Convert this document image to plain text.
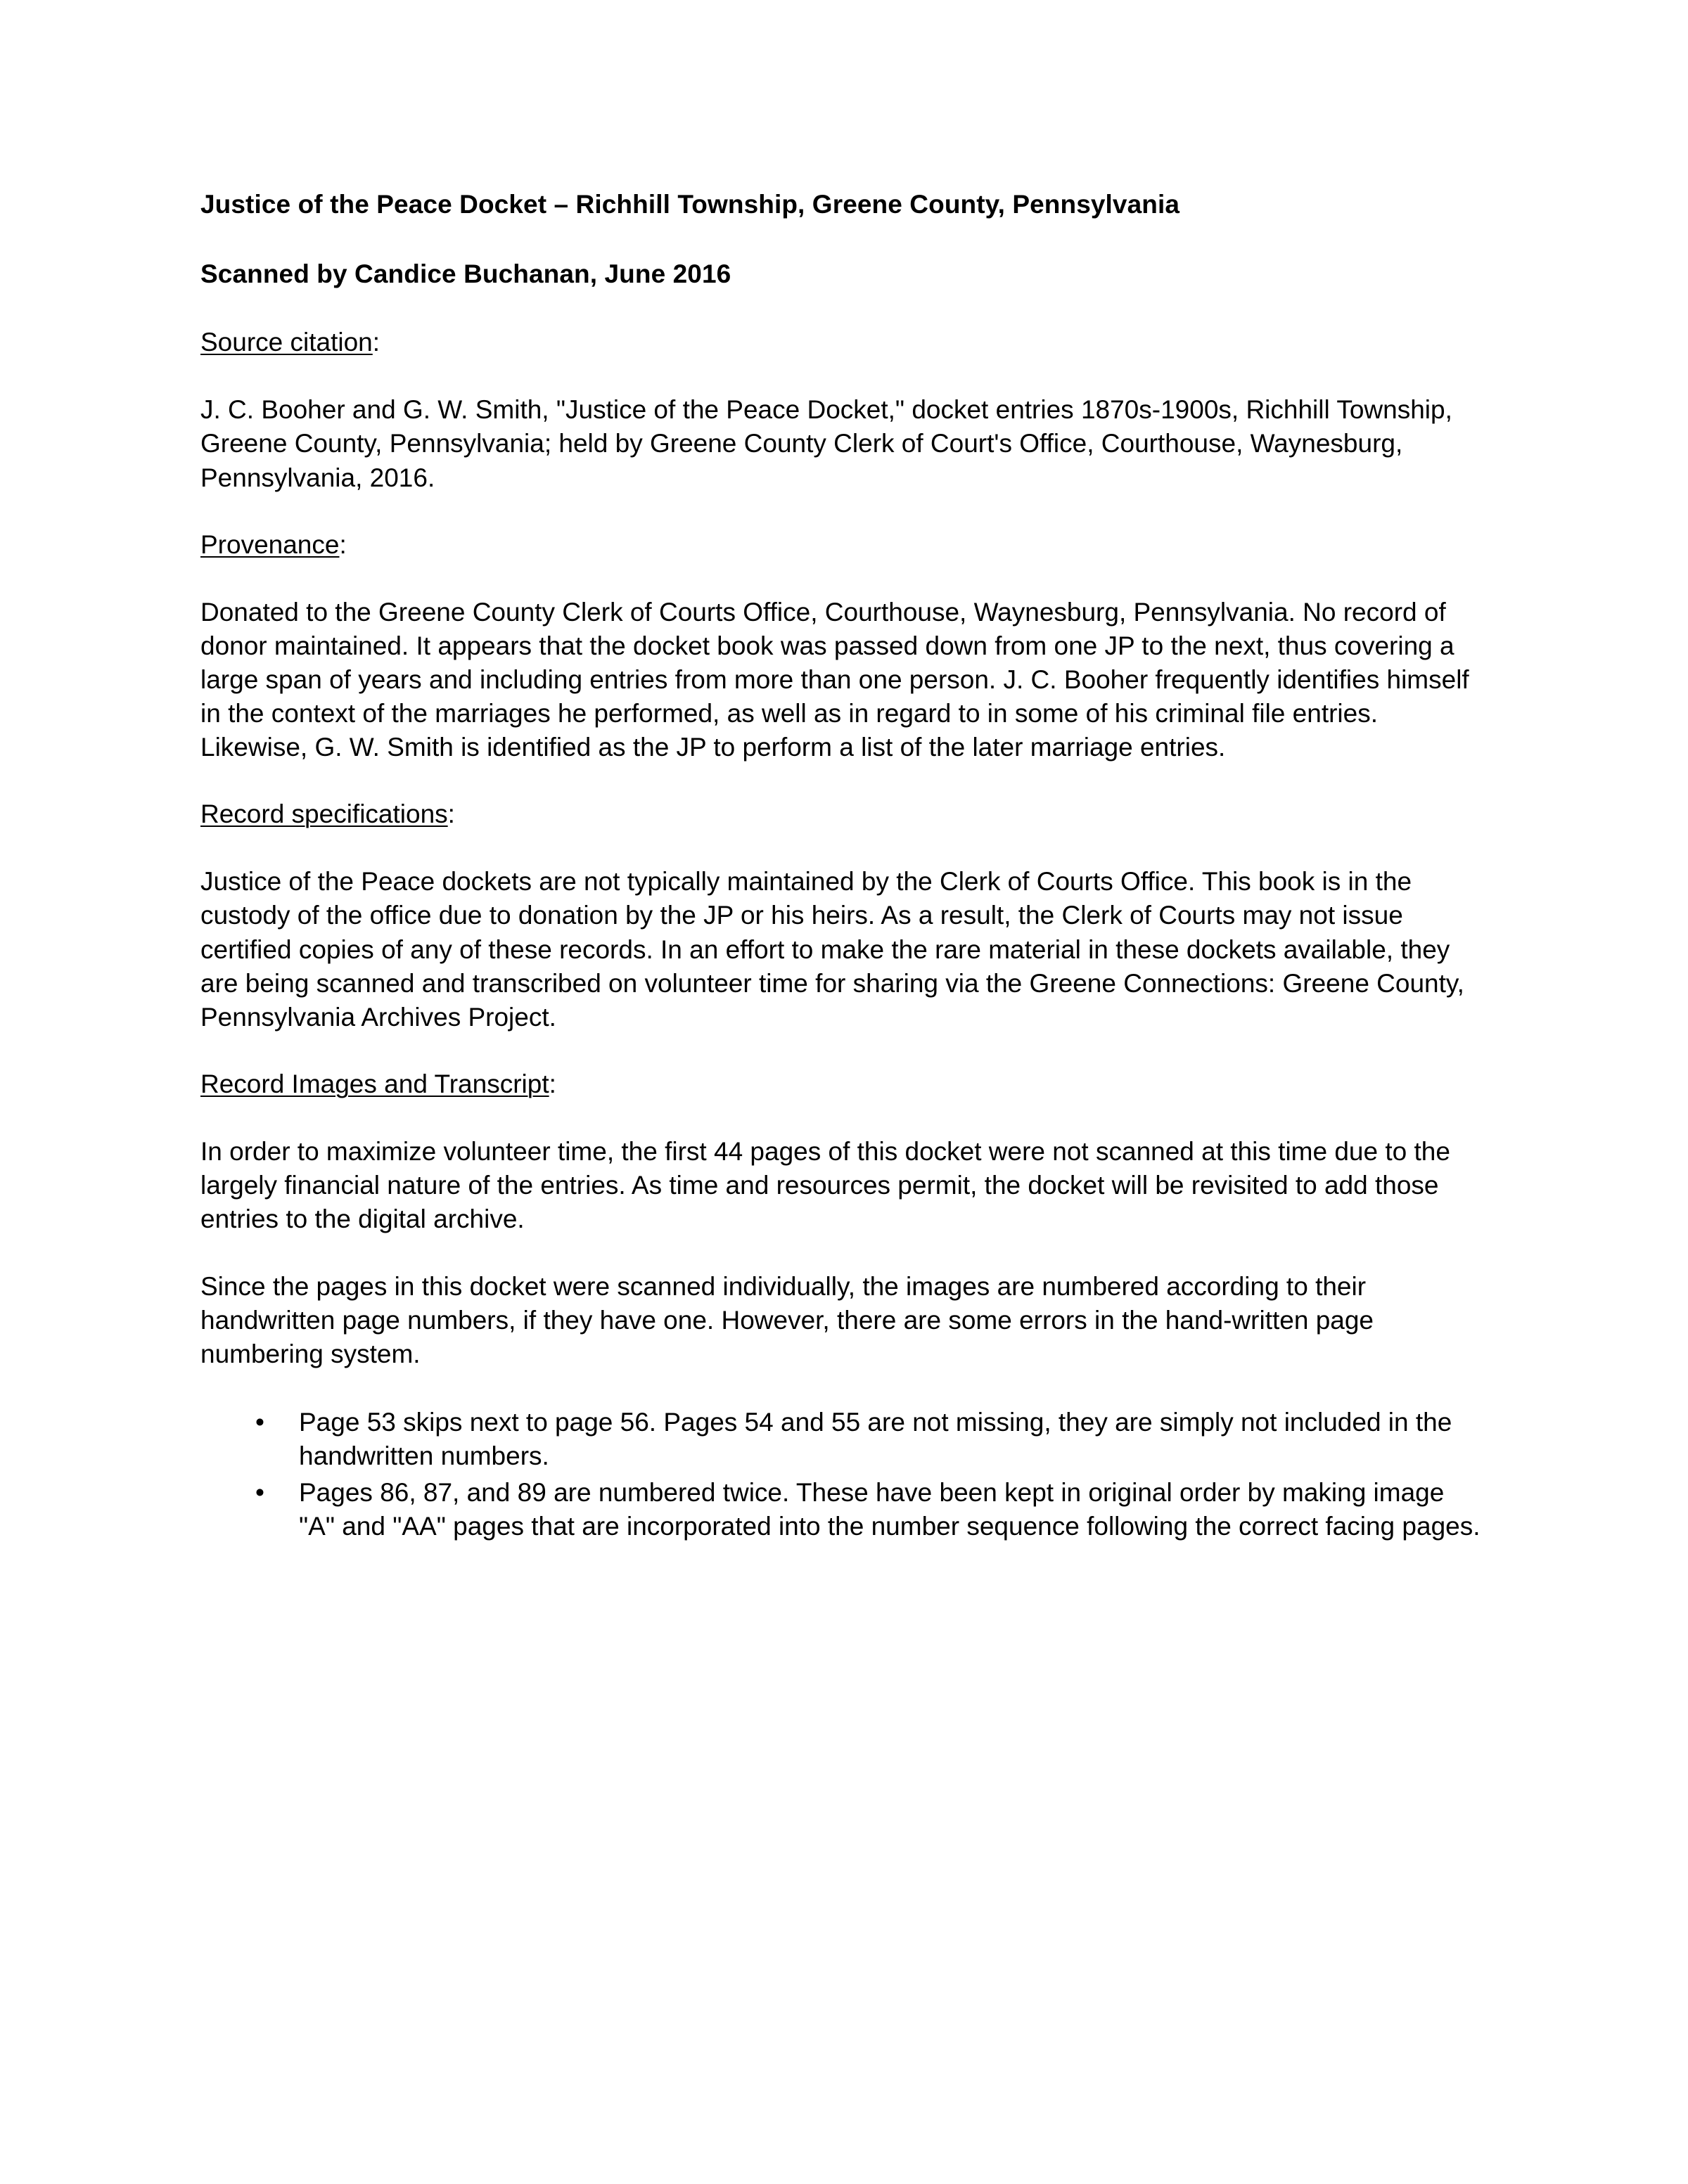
Justice of the Peace Docket – Richhill Township, Greene County, Pennsylvania
Scanned by Candice Buchanan, June 2016
Source citation:

J. C. Booher and G. W. Smith, "Justice of the Peace Docket," docket entries 1870s-1900s, Richhill Township, Greene County, Pennsylvania; held by Greene County Clerk of Court's Office, Courthouse, Waynesburg, Pennsylvania, 2016.

Provenance:

Donated to the Greene County Clerk of Courts Office, Courthouse, Waynesburg, Pennsylvania. No record of donor maintained. It appears that the docket book was passed down from one JP to the next, thus covering a large span of years and including entries from more than one person. J. C. Booher frequently identifies himself in the context of the marriages he performed, as well as in regard to in some of his criminal file entries. Likewise, G. W. Smith is identified as the JP to perform a list of the later marriage entries.

Record specifications:

Justice of the Peace dockets are not typically maintained by the Clerk of Courts Office. This book is in the custody of the office due to donation by the JP or his heirs. As a result, the Clerk of Courts may not issue certified copies of any of these records. In an effort to make the rare material in these dockets available, they are being scanned and transcribed on volunteer time for sharing via the Greene Connections: Greene County, Pennsylvania Archives Project.

Record Images and Transcript:

In order to maximize volunteer time, the first 44 pages of this docket were not scanned at this time due to the largely financial nature of the entries. As time and resources permit, the docket will be revisited to add those entries to the digital archive.

Since the pages in this docket were scanned individually, the images are numbered according to their handwritten page numbers, if they have one. However, there are some errors in the hand-written page numbering system.

• Page 53 skips next to page 56. Pages 54 and 55 are not missing, they are simply not included in the handwritten numbers.
• Pages 86, 87, and 89 are numbered twice. These have been kept in original order by making image "A" and "AA" pages that are incorporated into the number sequence following the correct facing pages.
